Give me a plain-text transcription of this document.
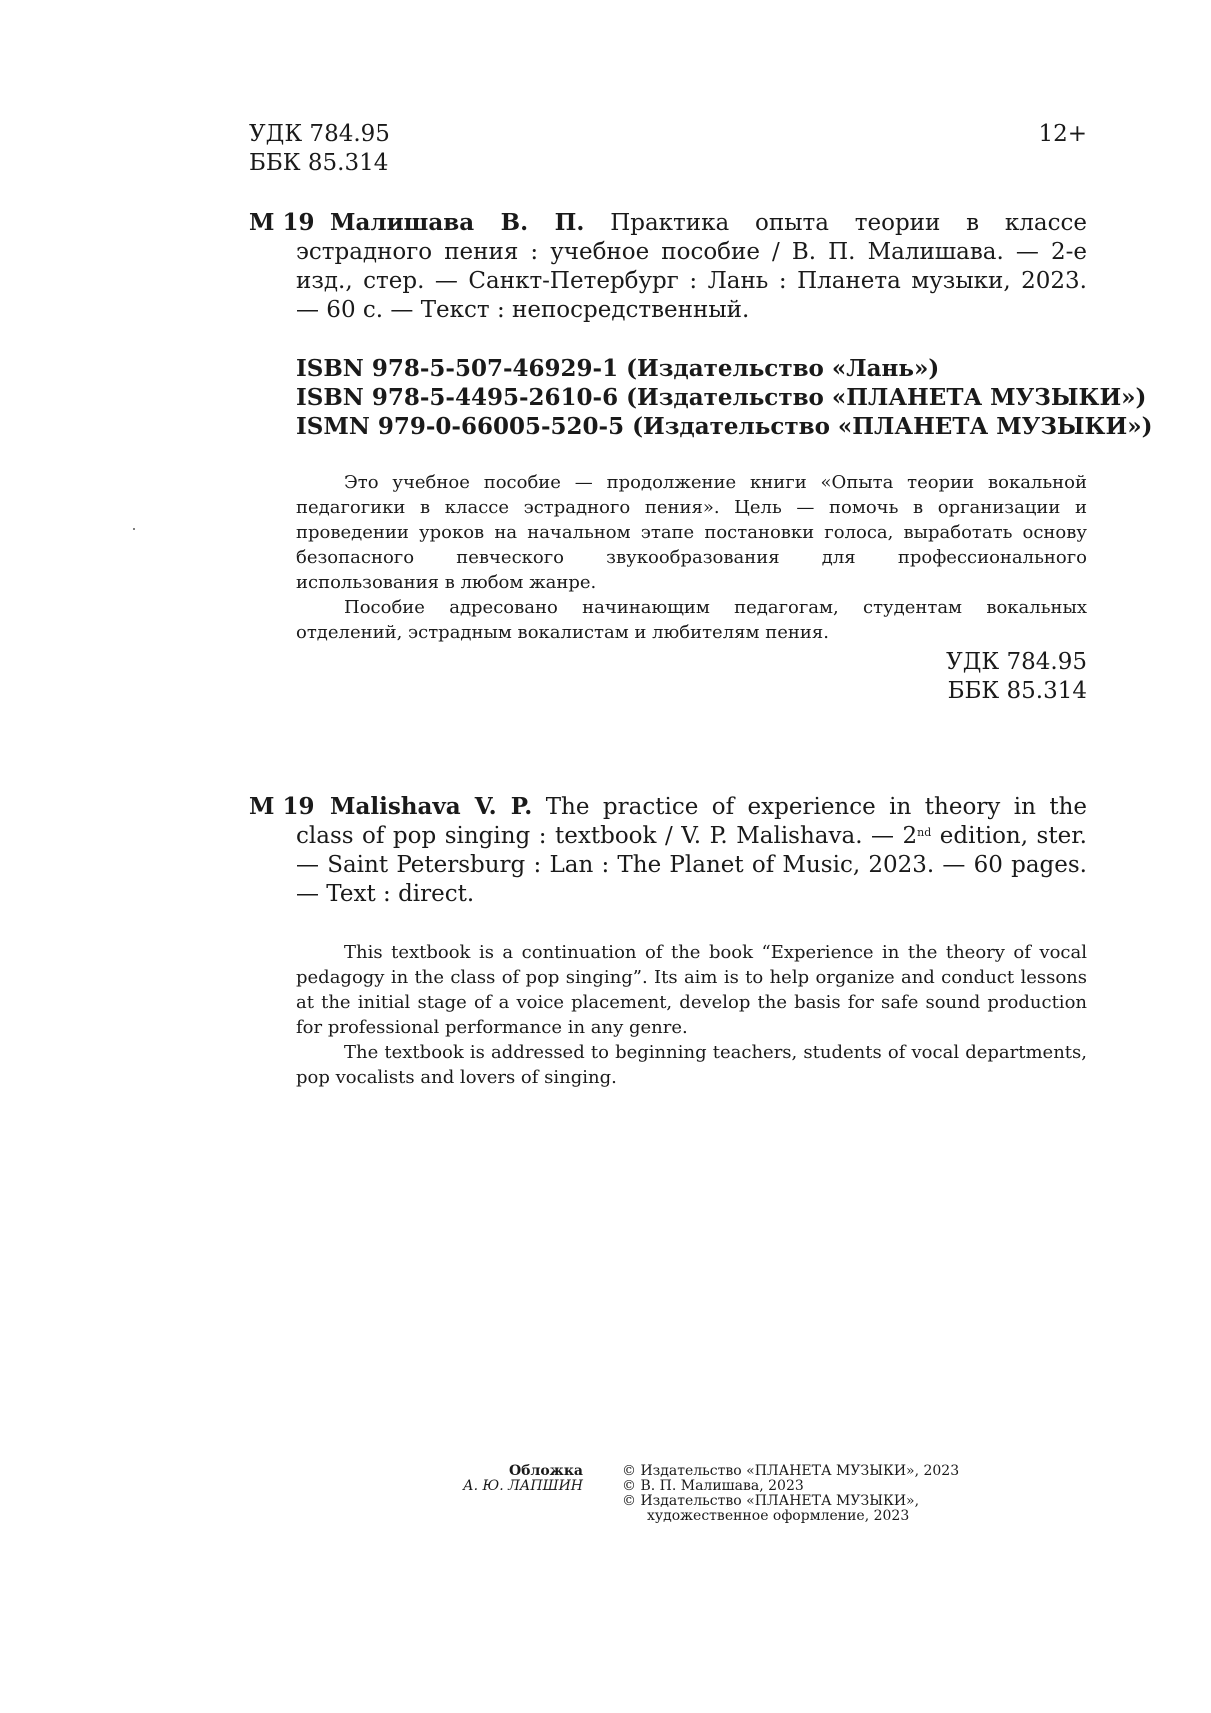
УДК 784.95
ББК 85.314
12+
М 19 Малишава В. П. Практика опыта теории в классе эстрадного пения : учебное пособие / В. П. Малишава. — 2-е изд., стер. — Санкт-Петербург : Лань : Планета музыки, 2023. — 60 с. — Текст : непосредственный.
ISBN 978-5-507-46929-1 (Издательство «Лань»)
ISBN 978-5-4495-2610-6 (Издательство «ПЛАНЕТА МУЗЫКИ»)
ISMN 979-0-66005-520-5 (Издательство «ПЛАНЕТА МУЗЫКИ»)

Это учебное пособие — продолжение книги «Опыта теории вокальной педагогики в классе эстрадного пения». Цель — помочь в организации и проведении уроков на начальном этапе постановки голоса, выработать основу безопасного певческого звукообразования для профессионального использования в любом жанре.

Пособие адресовано начинающим педагогам, студентам вокальных отделений, эстрадным вокалистам и любителям пения.

УДК 784.95
ББК 85.314
М 19 Malishava V. P. The practice of experience in theory in the class of pop singing : textbook / V. P. Malishava. — 2nd edition, ster. — Saint Petersburg : Lan : The Planet of Music, 2023. — 60 pages. — Text : direct.

This textbook is a continuation of the book “Experience in the theory of vocal pedagogy in the class of pop singing”. Its aim is to help organize and conduct lessons at the initial stage of a voice placement, develop the basis for safe sound production for professional performance in any genre.

The textbook is addressed to beginning teachers, students of vocal departments, pop vocalists and lovers of singing.

Обложка
А. Ю. ЛАПШИН
© Издательство «ПЛАНЕТА МУЗЫКИ», 2023
© В. П. Малишава, 2023
© Издательство «ПЛАНЕТА МУЗЫКИ»,
художественное оформление, 2023
